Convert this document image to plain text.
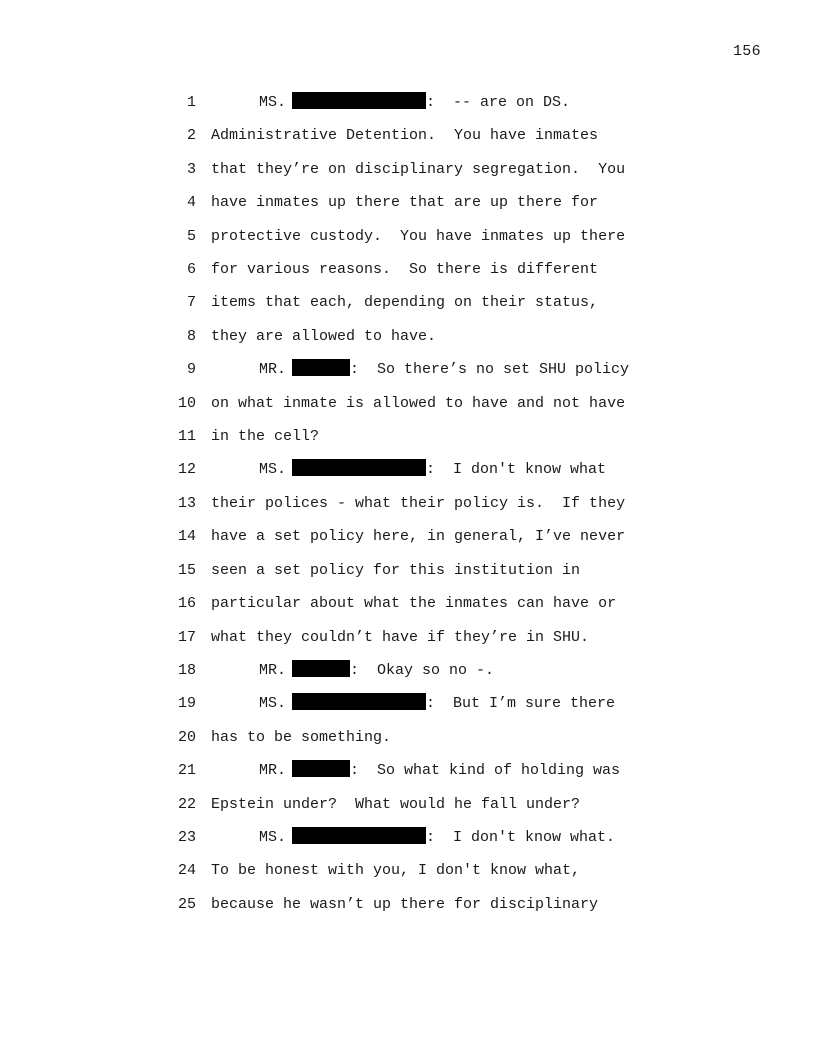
156
1	MS.	:  -- are on DS.
2 Administrative Detention.  You have inmates
3 that they’re on disciplinary segregation.  You
4 have inmates up there that are up there for
5 protective custody.  You have inmates up there
6 for various reasons.  So there is different
7 items that each, depending on their status,
8 they are allowed to have.
9	MR.	:  So there’s no set SHU policy
10 on what inmate is allowed to have and not have
11 in the cell?
12	MS.	:  I don't know what
13 their polices - what their policy is.  If they
14 have a set policy here, in general, I’ve never
15 seen a set policy for this institution in
16 particular about what the inmates can have or
17 what they couldn’t have if they’re in SHU.
18	MR.	:  Okay so no -.
19	MS.	:  But I’m sure there
20 has to be something.
21	MR.	:  So what kind of holding was
22 Epstein under?  What would he fall under?
23	MS.	:  I don't know what.
24 To be honest with you, I don't know what,
25 because he wasn’t up there for disciplinary
